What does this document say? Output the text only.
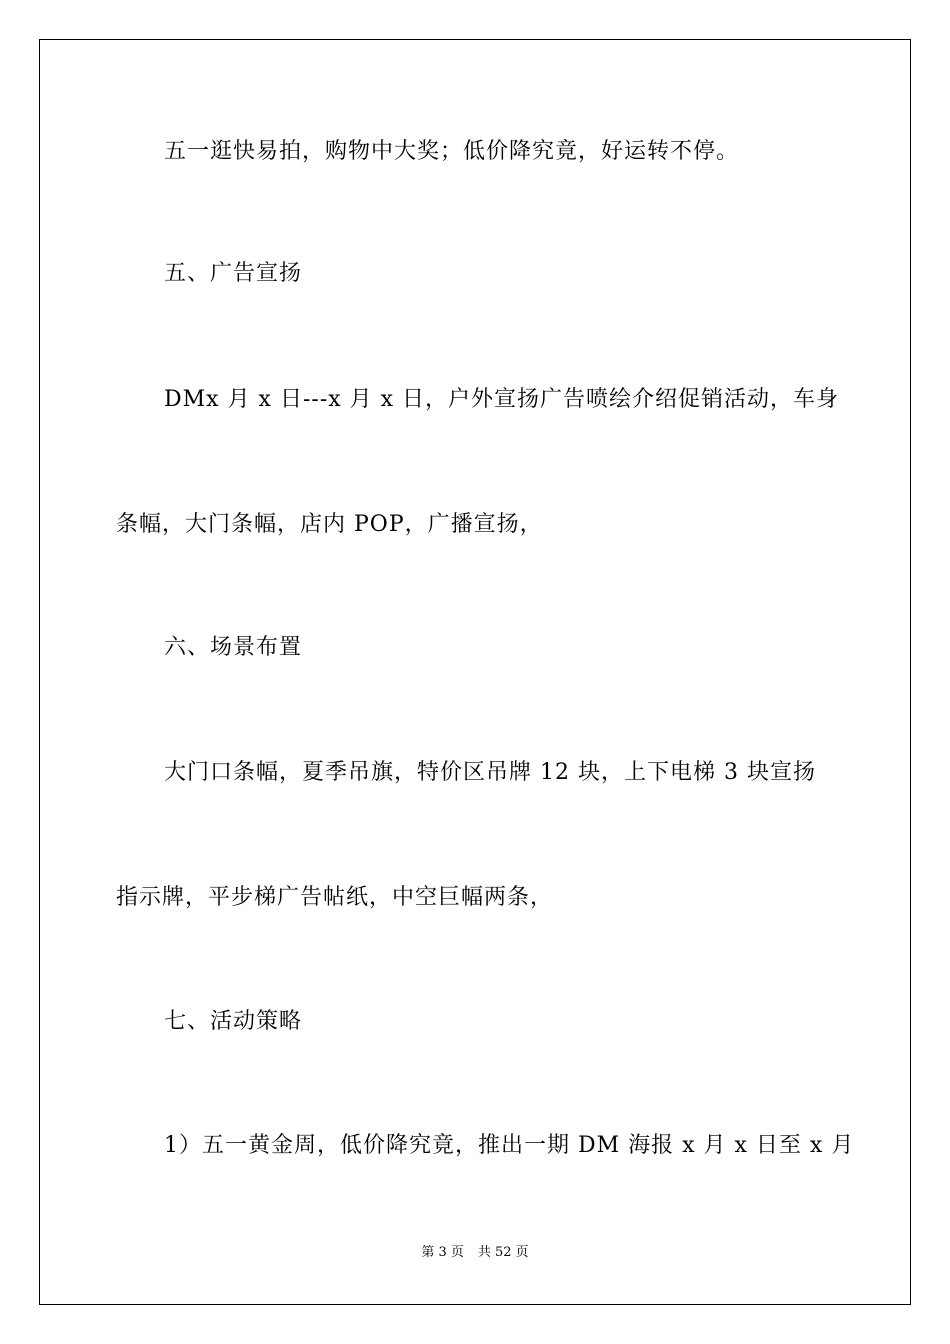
五一逛快易拍，购物中大奖；低价降究竟，好运转不停。
五、广告宣扬
DMx 月 x 日---x 月 x 日，户外宣扬广告喷绘介绍促销活动，车身
条幅，大门条幅，店内 POP，广播宣扬，
六、场景布置
大门口条幅，夏季吊旗，特价区吊牌 12 块，上下电梯 3 块宣扬
指示牌，平步梯广告帖纸，中空巨幅两条，
七、活动策略
1）五一黄金周，低价降究竟，推出一期 DM 海报 x 月 x 日至 x 月
第 3 页 共 52 页
